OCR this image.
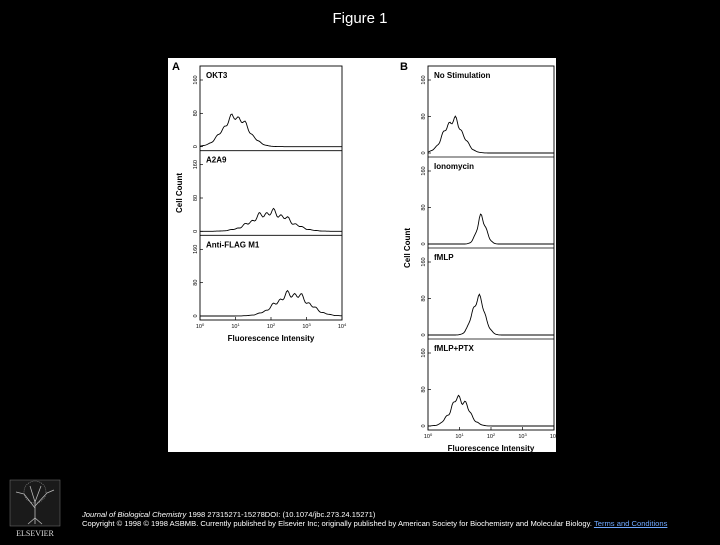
Figure 1
A
OKT3
0
80
160
A2A9
0
80
160
Anti-FLAG M1
0
80
160
$10^0$	$10^1$	$10^2$	$10^3$	$10^4$
Fluorescence Intensity
Cell Count
B
No Stimulation
0
80
160
Ionomycin
0
80
160
fMLP
0
80
160
fMLP+PTX
0
80
160
$10^0$	$10^1$	$10^2$	$10^3$	$10^4$
Fluorescence Intensity
Cell Count
ELSEVIER
Journal of Biological Chemistry 1998 27315271-15278DOI: (10.1074/jbc.273.24.15271)
Copyright © 1998 © 1998 ASBMB. Currently published by Elsevier Inc; originally published by American Society for Biochemistry and Molecular Biology. Terms and Conditions
